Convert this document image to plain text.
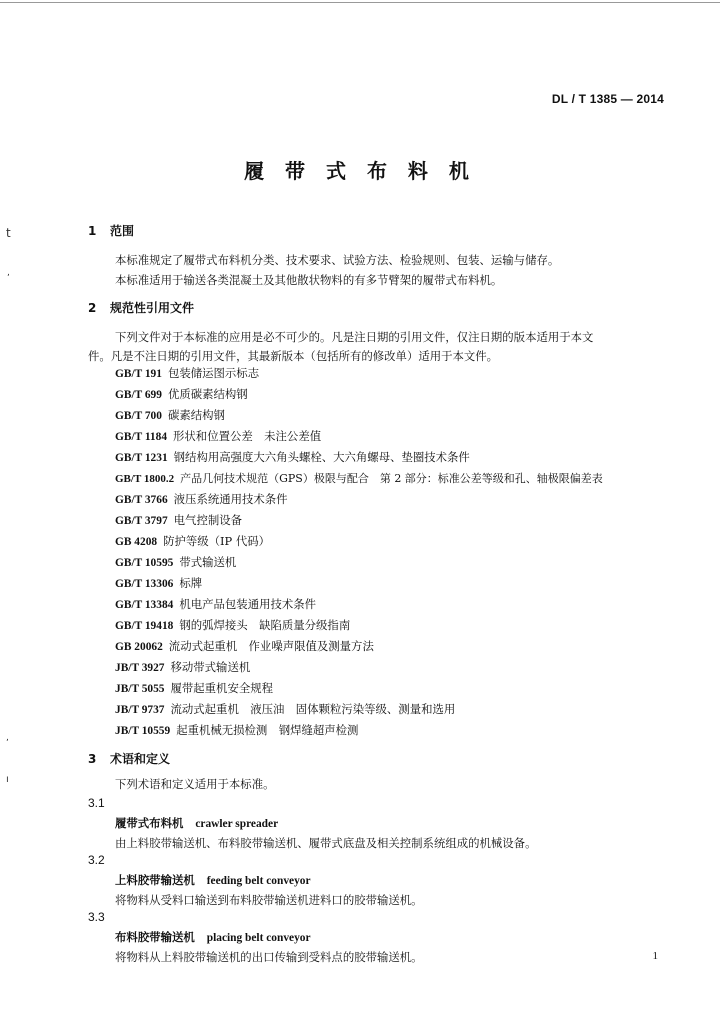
t
,
,
ı
DL / T 1385 — 2014
履 带 式 布 料 机
1 范围
本标准规定了履带式布料机分类、技术要求、试验方法、检验规则、包装、运输与储存。
本标准适用于输送各类混凝土及其他散状物料的有多节臂架的履带式布料机。
2 规范性引用文件
下列文件对于本标准的应用是必不可少的。凡是注日期的引用文件，仅注日期的版本适用于本文
件。凡是不注日期的引用文件，其最新版本（包括所有的修改单）适用于本文件。
GB/T 191 包装储运图示标志
GB/T 699 优质碳素结构钢
GB/T 700 碳素结构钢
GB/T 1184 形状和位置公差　未注公差值
GB/T 1231 钢结构用高强度大六角头螺栓、大六角螺母、垫圈技术条件
GB/T 1800.2 产品几何技术规范（GPS）极限与配合　第 2 部分：标准公差等级和孔、轴极限偏差表
GB/T 3766 液压系统通用技术条件
GB/T 3797 电气控制设备
GB 4208 防护等级（IP 代码）
GB/T 10595 带式输送机
GB/T 13306 标牌
GB/T 13384 机电产品包装通用技术条件
GB/T 19418 钢的弧焊接头　缺陷质量分级指南
GB 20062 流动式起重机　作业噪声限值及测量方法
JB/T 3927 移动带式输送机
JB/T 5055 履带起重机安全规程
JB/T 9737 流动式起重机　液压油　固体颗粒污染等级、测量和选用
JB/T 10559 起重机械无损检测　钢焊缝超声检测
3 术语和定义
下列术语和定义适用于本标准。
3.1
履带式布料机 crawler spreader
由上料胶带输送机、布料胶带输送机、履带式底盘及相关控制系统组成的机械设备。
3.2
上料胶带输送机 feeding belt conveyor
将物料从受料口输送到布料胶带输送机进料口的胶带输送机。
3.3
布料胶带输送机 placing belt conveyor
将物料从上料胶带输送机的出口传输到受料点的胶带输送机。	1
